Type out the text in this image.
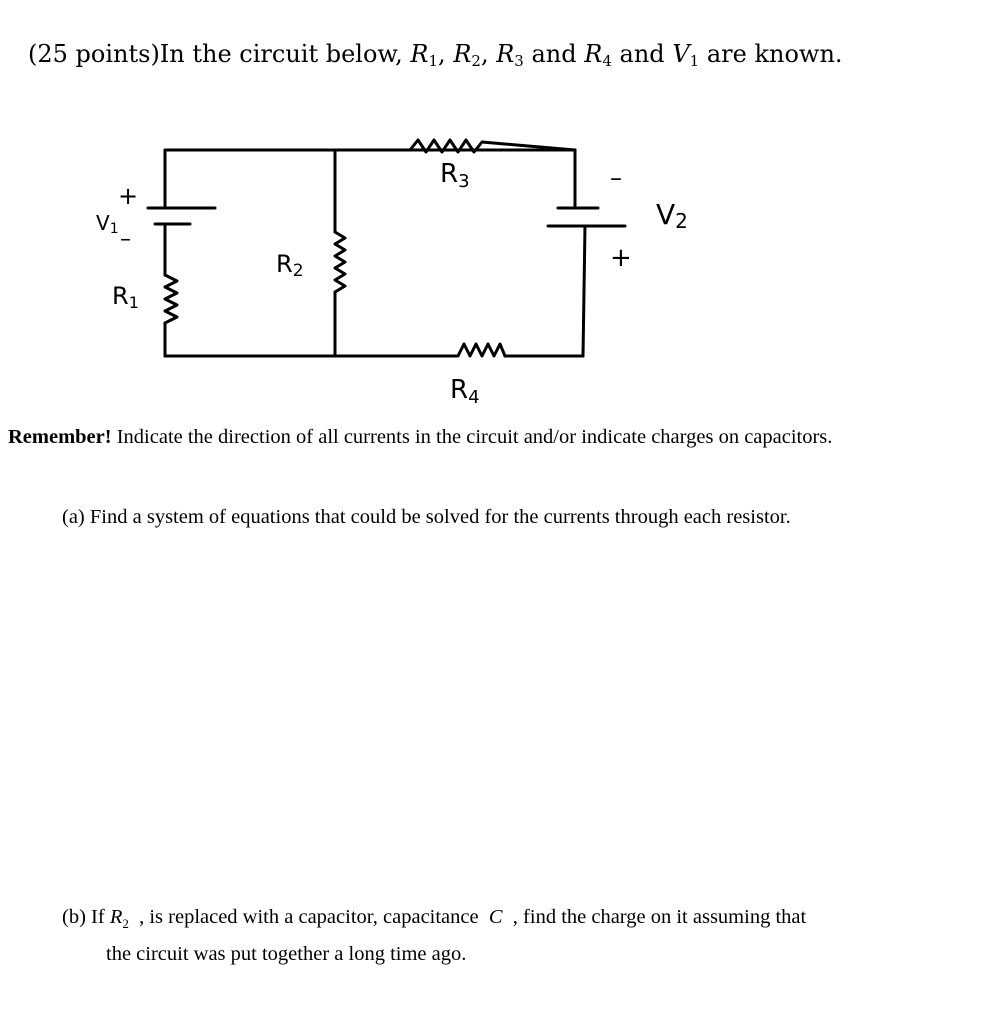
(25 points)In the circuit below, $R_1$, $R_2$, $R_3$ and $R_4$ and $V_1$ are known.
R3
R4
R2
R1
V1
+
–
V2
+
–
Remember! Indicate the direction of all currents in the circuit and/or indicate charges on capacitors.
(a) Find a system of equations that could be solved for the currents through each resistor.
(b) If $R_2$ , is replaced with a capacitor, capacitance C , find the charge on it assuming that
the circuit was put together a long time ago.
